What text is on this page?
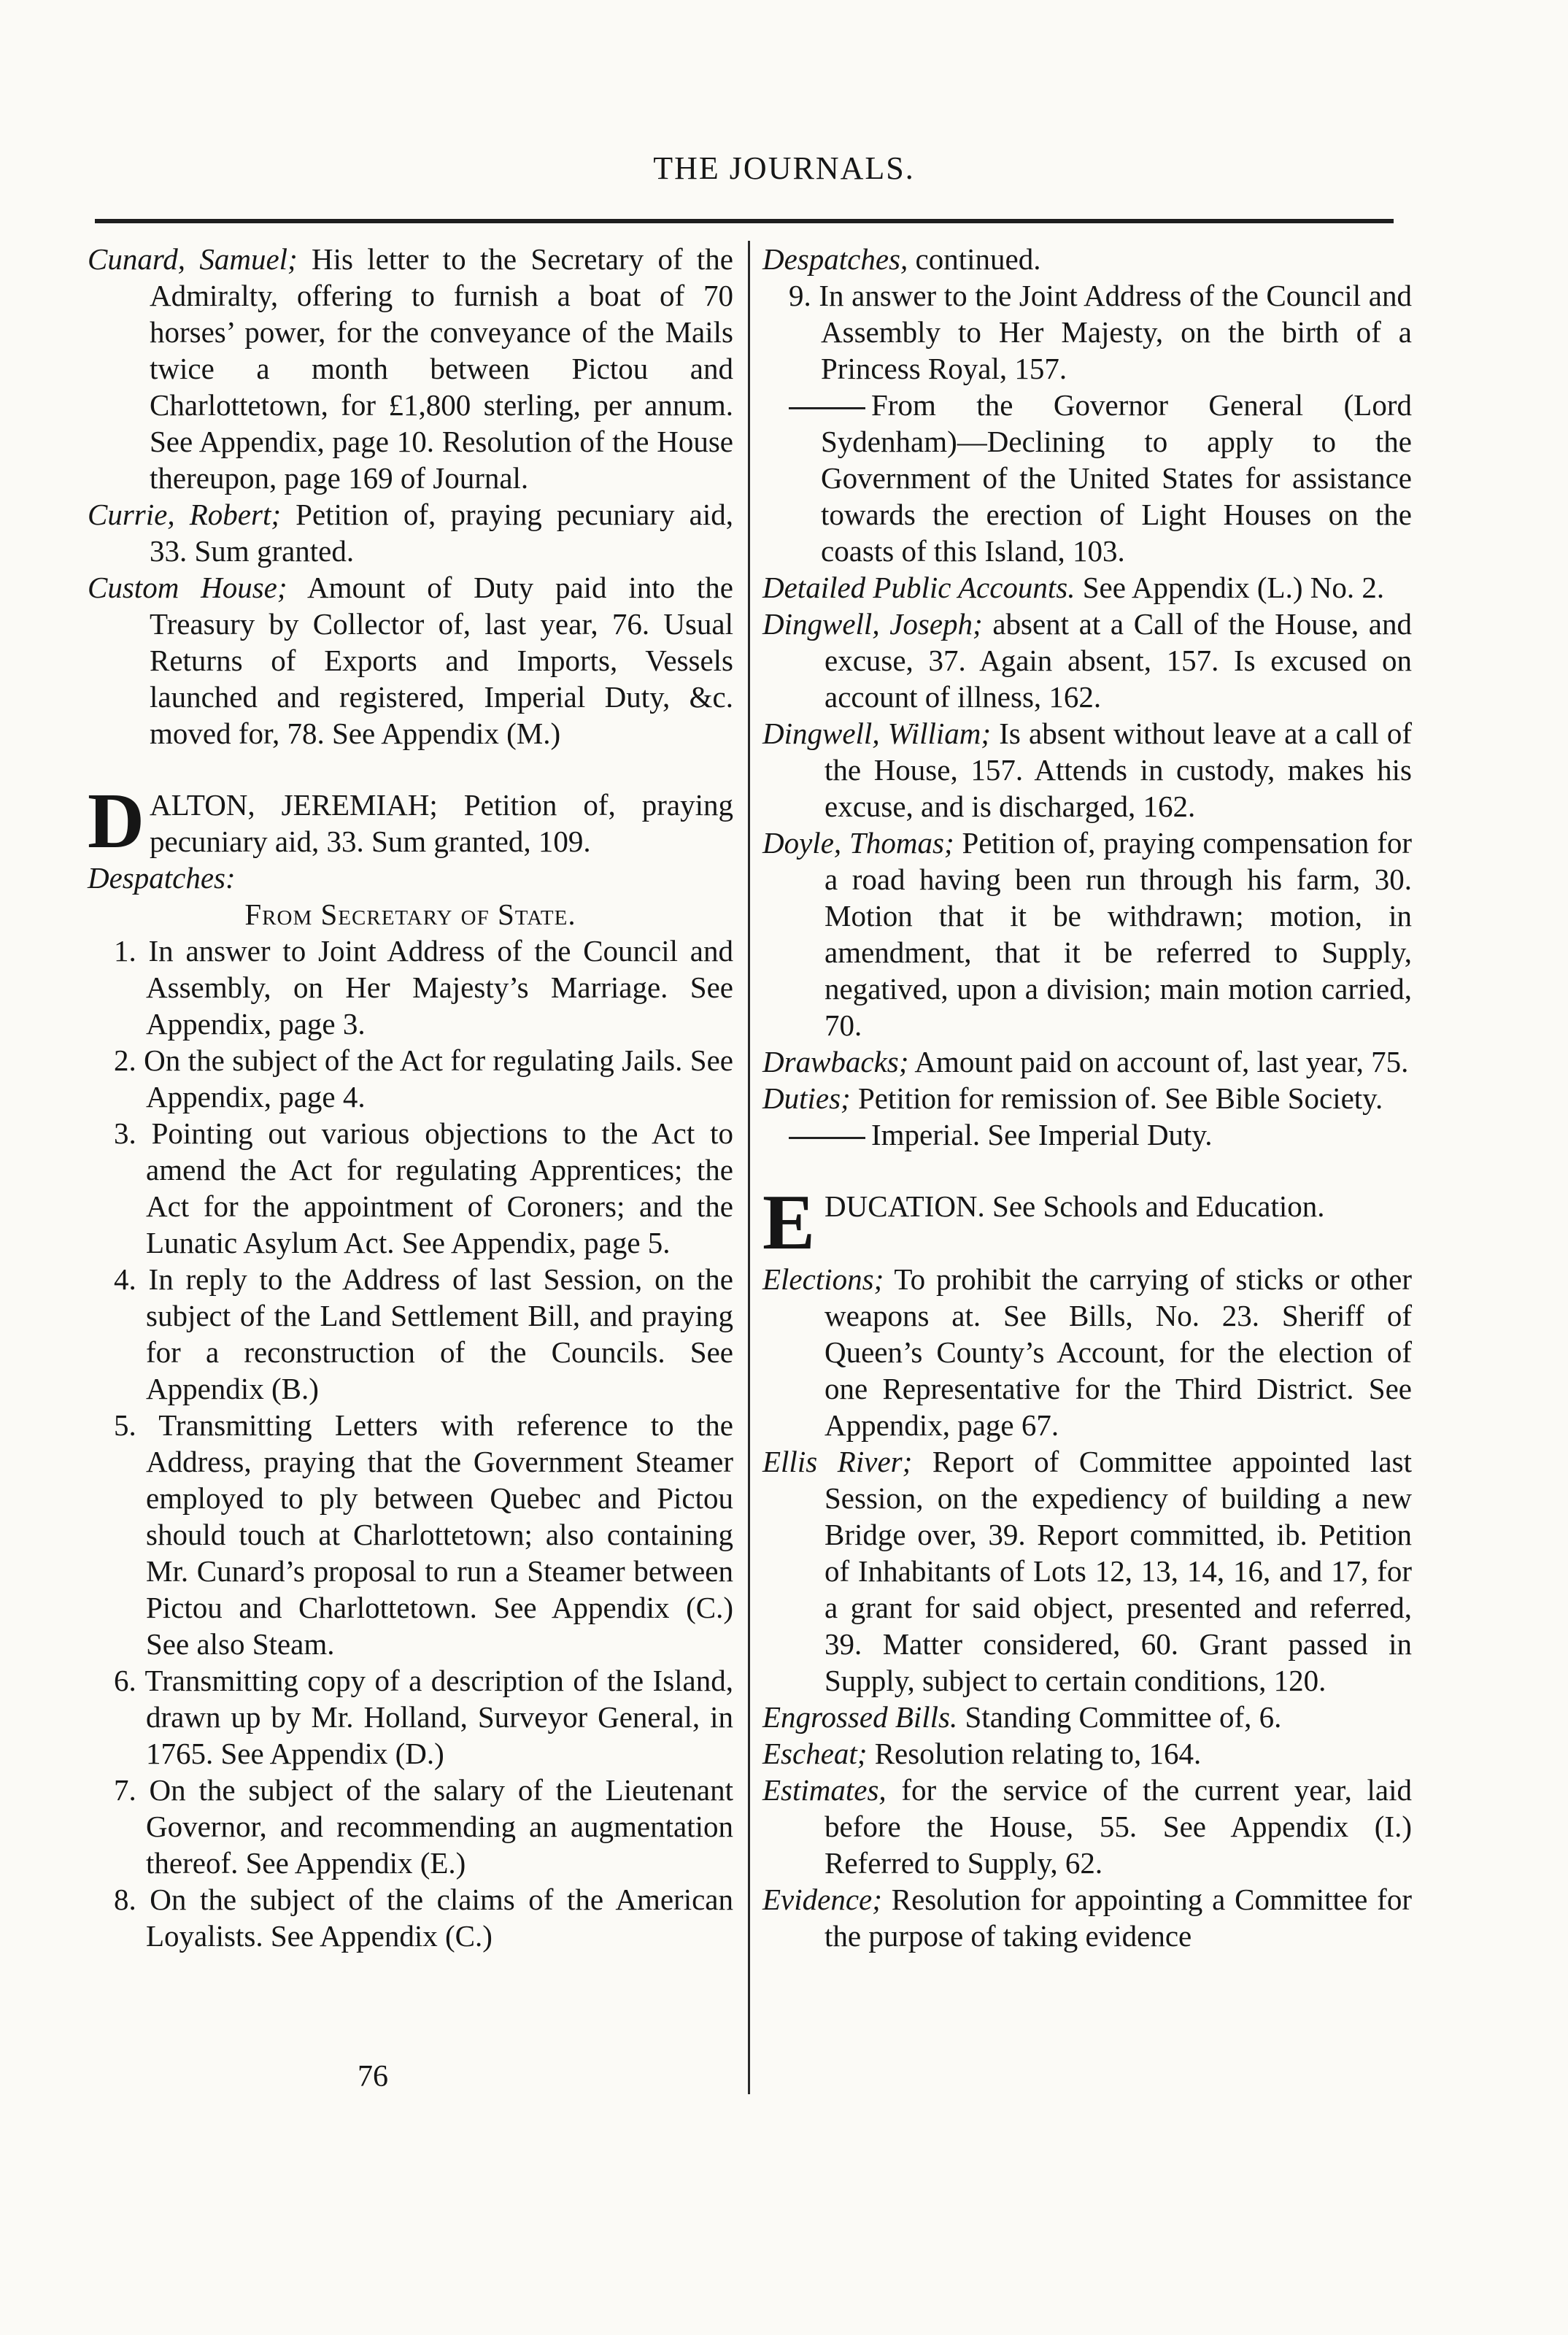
THE JOURNALS.
Cunard, Samuel; His letter to the Secretary of the Admiralty, offering to furnish a boat of 70 horses’ power, for the conveyance of the Mails twice a month between Pictou and Charlottetown, for £1,800 sterling, per annum. See Appendix, page 10. Resolution of the House thereupon, page 169 of Journal.
Currie, Robert; Petition of, praying pecuniary aid, 33. Sum granted.
Custom House; Amount of Duty paid into the Treasury by Collector of, last year, 76. Usual Returns of Exports and Imports, Vessels launched and registered, Imperial Duty, &c. moved for, 78. See Appendix (M.)
D ALTON, JEREMIAH; Petition of, praying pecuniary aid, 33. Sum granted, 109.
Despatches:
From Secretary of State.
1. In answer to Joint Address of the Council and Assembly, on Her Majesty’s Marriage. See Appendix, page 3.
2. On the subject of the Act for regulating Jails. See Appendix, page 4.
3. Pointing out various objections to the Act to amend the Act for regulating Apprentices; the Act for the appointment of Coroners; and the Lunatic Asylum Act. See Appendix, page 5.
4. In reply to the Address of last Session, on the subject of the Land Settlement Bill, and praying for a reconstruction of the Councils. See Appendix (B.)
5. Transmitting Letters with reference to the Address, praying that the Government Steamer employed to ply between Quebec and Pictou should touch at Charlottetown; also containing Mr. Cunard’s proposal to run a Steamer between Pictou and Charlottetown. See Appendix (C.) See also Steam.
6. Transmitting copy of a description of the Island, drawn up by Mr. Holland, Surveyor General, in 1765. See Appendix (D.)
7. On the subject of the salary of the Lieutenant Governor, and recommending an augmentation thereof. See Appendix (E.)
8. On the subject of the claims of the American Loyalists. See Appendix (C.)
Despatches, continued.
9. In answer to the Joint Address of the Council and Assembly to Her Majesty, on the birth of a Princess Royal, 157.
From the Governor General (Lord Sydenham)—Declining to apply to the Government of the United States for assistance towards the erection of Light Houses on the coasts of this Island, 103.
Detailed Public Accounts. See Appendix (L.) No. 2.
Dingwell, Joseph; absent at a Call of the House, and excuse, 37. Again absent, 157. Is excused on account of illness, 162.
Dingwell, William; Is absent without leave at a call of the House, 157. Attends in custody, makes his excuse, and is discharged, 162.
Doyle, Thomas; Petition of, praying compensation for a road having been run through his farm, 30. Motion that it be withdrawn; motion, in amendment, that it be referred to Supply, negatived, upon a division; main motion carried, 70.
Drawbacks; Amount paid on account of, last year, 75.
Duties; Petition for remission of. See Bible Society.
Imperial. See Imperial Duty.
E DUCATION. See Schools and Education.
Elections; To prohibit the carrying of sticks or other weapons at. See Bills, No. 23. Sheriff of Queen’s County’s Account, for the election of one Representative for the Third District. See Appendix, page 67.
Ellis River; Report of Committee appointed last Session, on the expediency of building a new Bridge over, 39. Report committed, ib. Petition of Inhabitants of Lots 12, 13, 14, 16, and 17, for a grant for said object, presented and referred, 39. Matter considered, 60. Grant passed in Supply, subject to certain conditions, 120.
Engrossed Bills. Standing Committee of, 6.
Escheat; Resolution relating to, 164.
Estimates, for the service of the current year, laid before the House, 55. See Appendix (I.) Referred to Supply, 62.
Evidence; Resolution for appointing a Committee for the purpose of taking evidence
76
